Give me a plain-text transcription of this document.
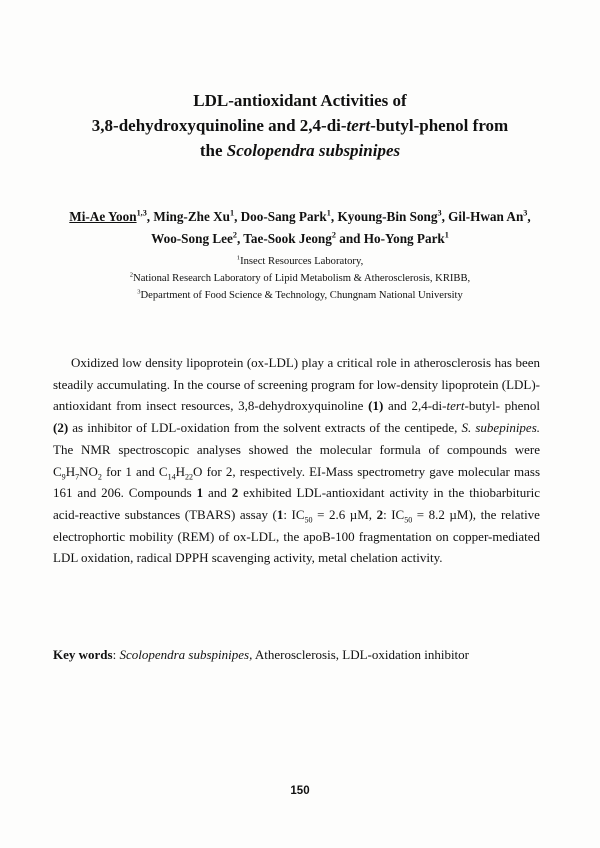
LDL-antioxidant Activities of
3,8-dehydroxyquinoline and 2,4-di-tert-butyl-phenol from
the Scolopendra subspinipes
Mi-Ae Yoon$^{1,3}$, Ming-Zhe Xu$^1$, Doo-Sang Park$^1$, Kyoung-Bin Song$^3$, Gil-Hwan An$^3$,
Woo-Song Lee$^2$, Tae-Sook Jeong$^2$ and Ho-Yong Park$^1$
$^1$Insect Resources Laboratory,
$^2$National Research Laboratory of Lipid Metabolism & Atherosclerosis, KRIBB,
$^3$Department of Food Science & Technology, Chungnam National University

Oxidized low density lipoprotein (ox-LDL) play a critical role in atherosclerosis has been steadily accumulating. In the course of screening program for low-density lipoprotein (LDL)-antioxidant from insect resources, 3,8-dehydroxyquinoline (1) and 2,4-di-tert-butyl- phenol (2) as inhibitor of LDL-oxidation from the solvent extracts of the centipede, S. subepinipes. The NMR spectroscopic analyses showed the molecular formula of compounds were $C_9H_7NO_2$ for 1 and $C_{14}H_{22}O$ for 2, respectively. EI-Mass spectrometry gave molecular mass 161 and 206. Compounds 1 and 2 exhibited LDL-antioxidant activity in the thiobarbituric acid-reactive substances (TBARS) assay (1: $IC_{50} = 2.6$ µM, 2: $IC_{50} = 8.2$ µM), the relative electrophortic mobility (REM) of ox-LDL, the apoB-100 fragmentation on copper-mediated LDL oxidation, radical DPPH scavenging activity, metal chelation activity.

Key words: Scolopendra subspinipes, Atherosclerosis, LDL-oxidation inhibitor
150
